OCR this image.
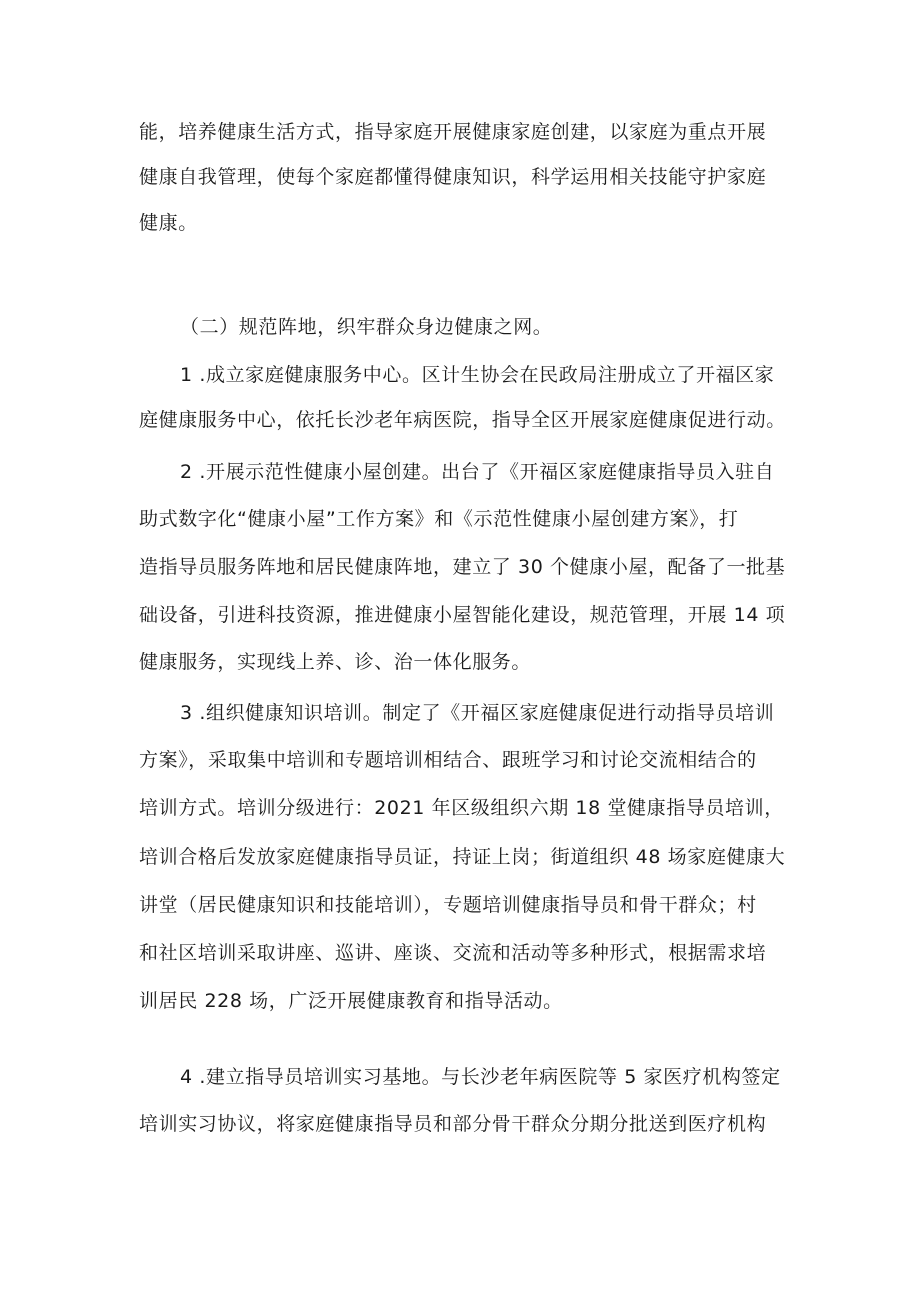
能，培养健康生活方式，指导家庭开展健康家庭创建，以家庭为重点开展
健康自我管理，使每个家庭都懂得健康知识，科学运用相关技能守护家庭
健康。
（二）规范阵地，织牢群众身边健康之网。
1 .成立家庭健康服务中心。区计生协会在民政局注册成立了开福区家
庭健康服务中心，依托长沙老年病医院，指导全区开展家庭健康促进行动。
2 .开展示范性健康小屋创建。出台了《开福区家庭健康指导员入驻自
助式数字化“健康小屋”工作方案》和《示范性健康小屋创建方案》，打
造指导员服务阵地和居民健康阵地，建立了 30 个健康小屋，配备了一批基
础设备，引进科技资源，推进健康小屋智能化建设，规范管理，开展 14 项
健康服务，实现线上养、诊、治一体化服务。
3 .组织健康知识培训。制定了《开福区家庭健康促进行动指导员培训
方案》，采取集中培训和专题培训相结合、跟班学习和讨论交流相结合的
培训方式。培训分级进行：2021 年区级组织六期 18 堂健康指导员培训，
培训合格后发放家庭健康指导员证，持证上岗；街道组织 48 场家庭健康大
讲堂（居民健康知识和技能培训），专题培训健康指导员和骨干群众；村
和社区培训采取讲座、巡讲、座谈、交流和活动等多种形式，根据需求培
训居民 228 场，广泛开展健康教育和指导活动。
4 .建立指导员培训实习基地。与长沙老年病医院等 5 家医疗机构签定
培训实习协议，将家庭健康指导员和部分骨干群众分期分批送到医疗机构
